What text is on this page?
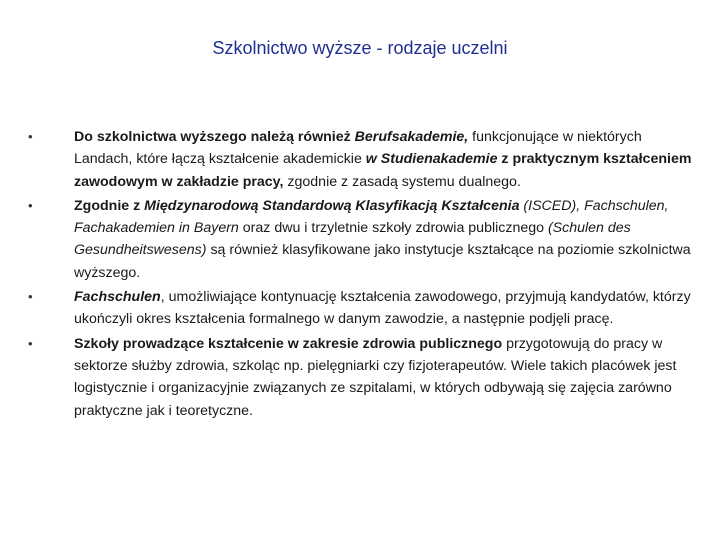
Szkolnictwo wyższe - rodzaje uczelni
•	Do szkolnictwa wyższego należą również Berufsakademie, funkcjonujące w niektórych Landach, które łączą kształcenie akademickie w Studienakademie z praktycznym kształceniem zawodowym w zakładzie pracy, zgodnie z zasadą systemu dualnego.
•	Zgodnie z Międzynarodową Standardową Klasyfikacją Kształcenia (ISCED), Fachschulen, Fachakademien in Bayern oraz dwu i trzyletnie szkoły zdrowia publicznego (Schulen des Gesundheitswesens) są również klasyfikowane jako instytucje kształcące na poziomie szkolnictwa wyższego.
•	Fachschulen, umożliwiające kontynuację kształcenia zawodowego, przyjmują kandydatów, którzy ukończyli okres kształcenia formalnego w danym zawodzie, a następnie podjęli pracę.
•	Szkoły prowadzące kształcenie w zakresie zdrowia publicznego przygotowują do pracy w sektorze służby zdrowia, szkoląc np. pielęgniarki czy fizjoterapeutów. Wiele takich placówek jest logistycznie i organizacyjnie związanych ze szpitalami, w których odbywają się zajęcia zarówno praktyczne jak i teoretyczne.
